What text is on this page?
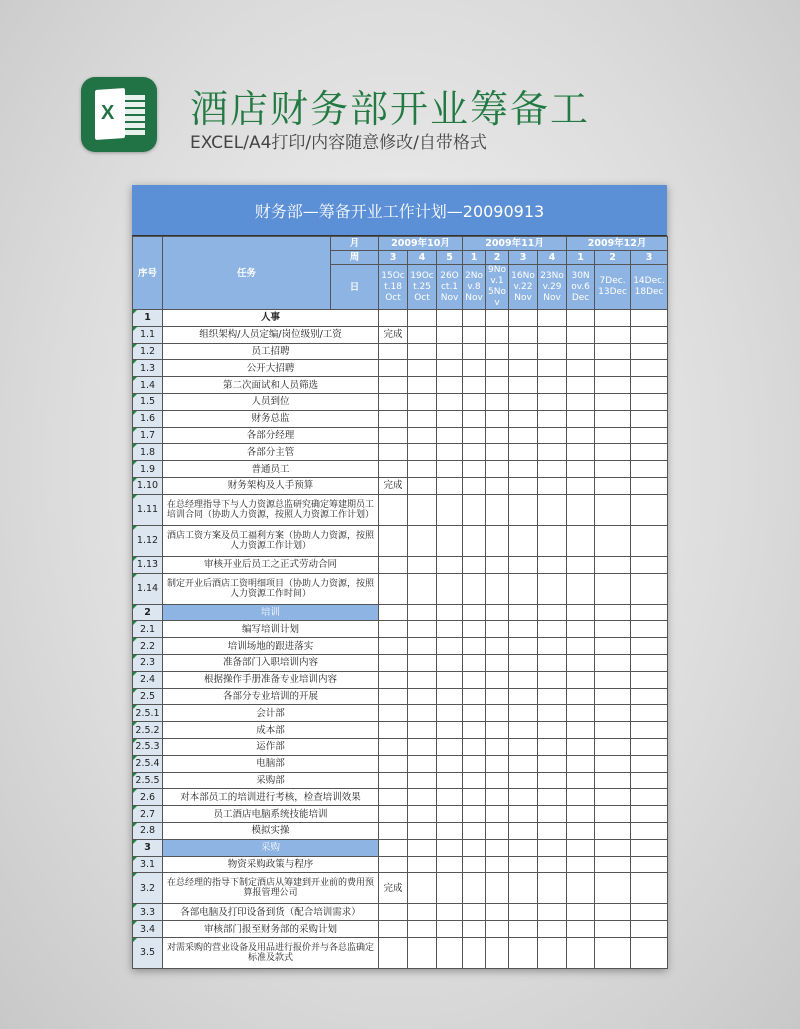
X 酒店财务部开业筹备工
EXCEL/A4打印/内容随意修改/自带格式
财务部—筹备开业工作计划—20090913
序号	任务	月	2009年10月			2009年11月				2009年12月		
		周	3	4	5	1	2	3	4	1	2	3
		日	15Oct.18Oct	19Oct.25Oct	26Oct.1Nov	2Nov.8Nov	9Nov.15Nov	16Nov.22Nov	23Nov.29Nov	30Nov.6Dec	7Dec.13Dec	14Dec.18Dec
1	人事											
1.1	组织架构/人员定编/岗位级别/工资		完成									
1.2	员工招聘											
1.3	公开大招聘											
1.4	第二次面试和人员筛选											
1.5	人员到位											
1.6	财务总监											
1.7	各部分经理											
1.8	各部分主管											
1.9	普通员工											
1.10	财务架构及人手预算		完成									
1.11	在总经理指导下与人力资源总监研究确定筹建期员工培训合同（协助人力资源，按照人力资源工作计划）											
1.12	酒店工资方案及员工福利方案（协助人力资源，按照人力资源工作计划）											
1.13	审核开业后员工之正式劳动合同											
1.14	制定开业后酒店工资明细项目（协助人力资源，按照人力资源工作时间）											
2	培训											
2.1	编写培训计划											
2.2	培训场地的跟进落实											
2.3	准备部门入职培训内容											
2.4	根据操作手册准备专业培训内容											
2.5	各部分专业培训的开展											
2.5.1	会计部											
2.5.2	成本部											
2.5.3	运作部											
2.5.4	电脑部											
2.5.5	采购部											
2.6	对本部员工的培训进行考核，检查培训效果											
2.7	员工酒店电脑系统技能培训											
2.8	模拟实操											
3	采购											
3.1	物资采购政策与程序											
3.2	在总经理的指导下制定酒店从筹建到开业前的费用预算报管理公司		完成									
3.3	各部电脑及打印设备到货（配合培训需求）											
3.4	审核部门报至财务部的采购计划											
3.5	对需采购的营业设备及用品进行报价并与各总监确定标准及款式											
